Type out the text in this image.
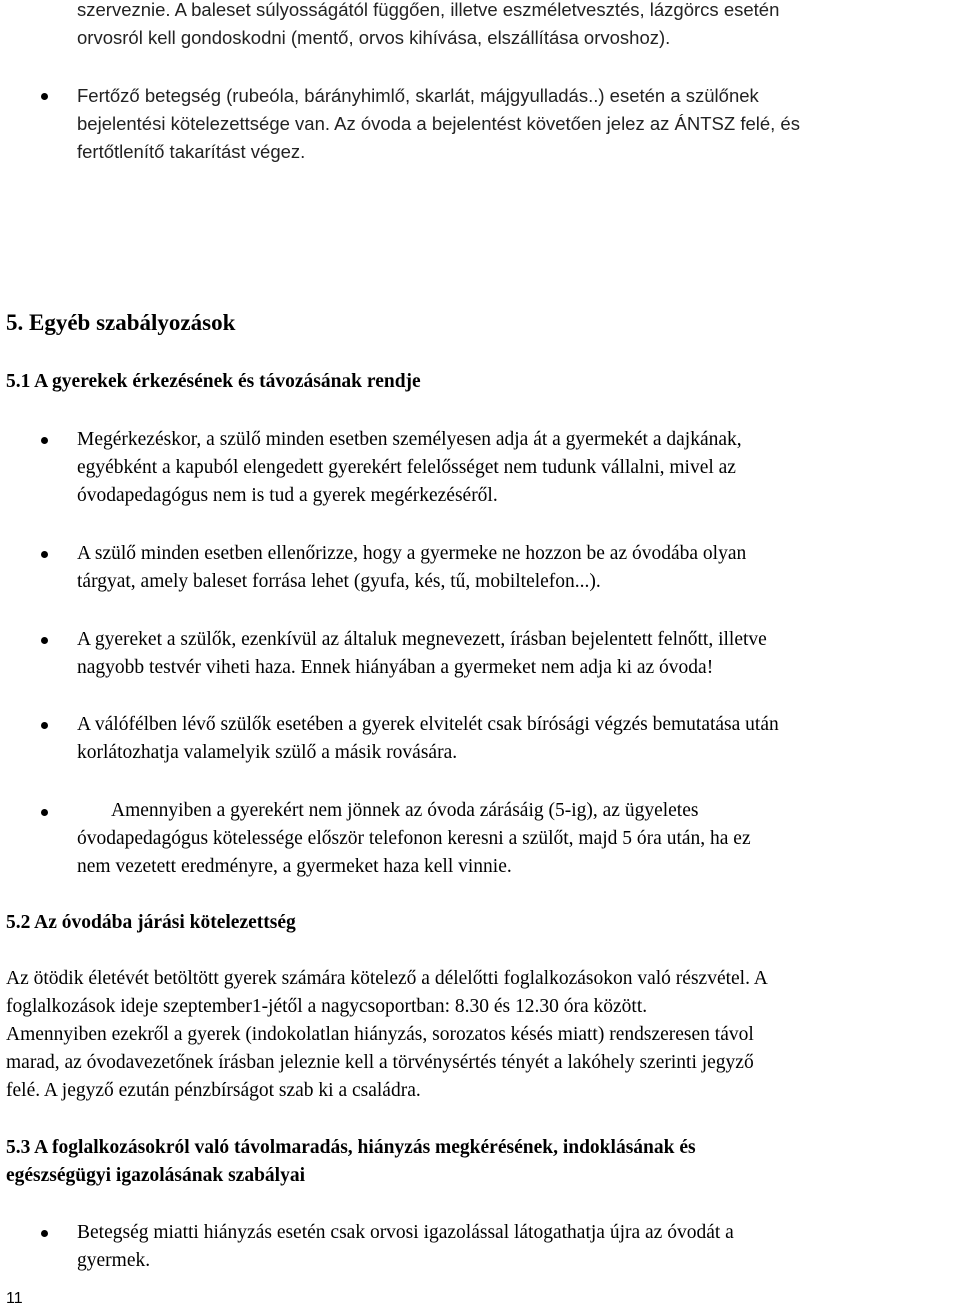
szerveznie. A baleset súlyosságától függően, illetve eszméletvesztés, lázgörcs esetén
orvosról kell gondoskodni (mentő, orvos kihívása, elszállítása orvoshoz).
Fertőző betegség (rubeóla, bárányhimlő, skarlát, májgyulladás..) esetén a szülőnek
bejelentési kötelezettsége van. Az óvoda a bejelentést követően jelez az ÁNTSZ felé, és
fertőtlenítő takarítást végez.
5. Egyéb szabályozások
5.1 A gyerekek érkezésének és távozásának rendje
Megérkezéskor, a szülő minden esetben személyesen adja át a gyermekét a dajkának,
egyébként a kapuból elengedett gyerekért felelősséget nem tudunk vállalni, mivel az
óvodapedagógus nem is tud a gyerek megérkezéséről.
A szülő minden esetben ellenőrizze, hogy a gyermeke ne hozzon be az óvodába olyan
tárgyat, amely baleset forrása lehet (gyufa, kés, tű, mobiltelefon...).
A gyereket a szülők, ezenkívül az általuk megnevezett, írásban bejelentett felnőtt, illetve
nagyobb testvér viheti haza. Ennek hiányában a gyermeket nem adja ki az óvoda!
A válófélben lévő szülők esetében a gyerek elvitelét csak bírósági végzés bemutatása után
korlátozhatja valamelyik szülő a másik rovására.
Amennyiben a gyerekért nem jönnek az óvoda zárásáig (5-ig), az ügyeletes
óvodapedagógus kötelessége először telefonon keresni a szülőt, majd 5 óra után, ha ez
nem vezetett eredményre, a gyermeket haza kell vinnie.
5.2 Az óvodába járási kötelezettség
Az ötödik életévét betöltött gyerek számára kötelező a délelőtti foglalkozásokon való részvétel. A
foglalkozások ideje szeptember1-jétől a nagycsoportban: 8.30 és 12.30 óra között.
Amennyiben ezekről a gyerek (indokolatlan hiányzás, sorozatos késés miatt) rendszeresen távol
marad, az óvodavezetőnek írásban jeleznie kell a törvénysértés tényét a lakóhely szerinti jegyző
felé. A jegyző ezután pénzbírságot szab ki a családra.
5.3 A foglalkozásokról való távolmaradás, hiányzás megkérésének, indoklásának és
egészségügyi igazolásának szabályai
Betegség miatti hiányzás esetén csak orvosi igazolással látogathatja újra az óvodát a
gyermek.
11
